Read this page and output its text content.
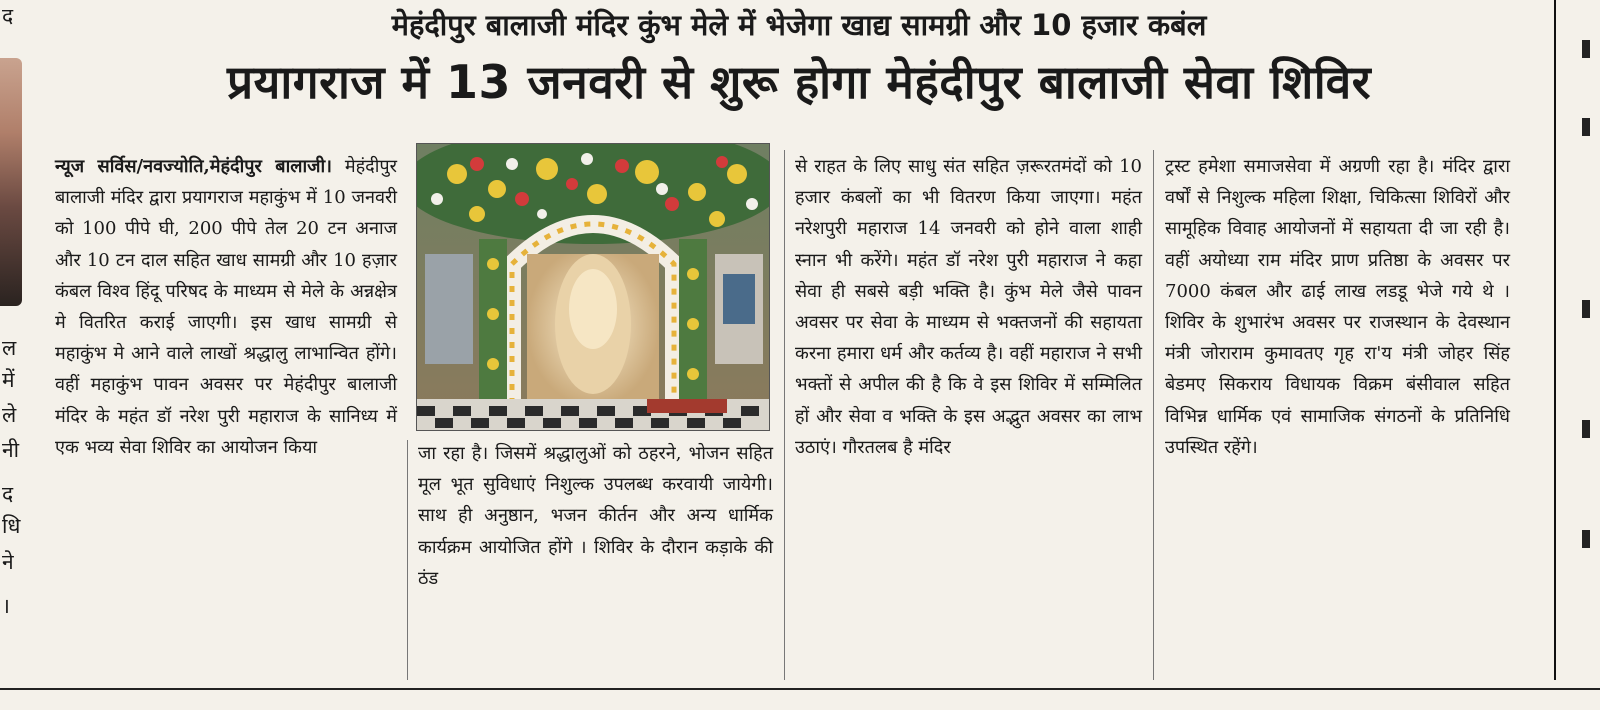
द
ल
में
ले
नी
द
धि
ने
।
मेहंदीपुर बालाजी मंदिर कुंभ मेले में भेजेगा खाद्य सामग्री और 10 हजार कबंल
प्रयागराज में 13 जनवरी से शुरू होगा मेहंदीपुर बालाजी सेवा शिविर

न्यूज सर्विस/नवज्योति,मेहंदीपुर बालाजी। मेहंदीपुर बालाजी मंदिर द्वारा प्रयागराज महाकुंभ में 10 जनवरी को 100 पीपे घी, 200 पीपे तेल 20 टन अनाज और 10 टन दाल सहित खाध सामग्री और 10 हज़ार कंबल विश्व हिंदू परिषद के माध्यम से मेले के अन्नक्षेत्र मे वितरित कराई जाएगी। इस खाध सामग्री से महाकुंभ मे आने वाले लाखों श्रद्धालु लाभान्वित होंगे। वहीं महाकुंभ पावन अवसर पर मेहंदीपुर बालाजी मंदिर के महंत डॉ नरेश पुरी महाराज के सानिध्य में एक भव्य सेवा शिविर का आयोजन किया	जा रहा है। जिसमें श्रद्धालुओं को ठहरने, भोजन सहित मूल भूत सुविधाएं निशुल्क उपलब्ध करवायी जायेगी। साथ ही अनुष्ठान, भजन कीर्तन और अन्य धार्मिक कार्यक्रम आयोजित होंगे । शिविर के दौरान कड़ाके की ठंड

से राहत के लिए साधु संत सहित ज़रूरतमंदों को 10 हजार कंबलों का भी वितरण किया जाएगा। महंत नरेशपुरी महाराज 14 जनवरी को होने वाला शाही स्नान भी करेंगे। महंत डॉ नरेश पुरी महाराज ने कहा सेवा ही सबसे बड़ी भक्ति है। कुंभ मेले जैसे पावन अवसर पर सेवा के माध्यम से भक्तजनों की सहायता करना हमारा धर्म और कर्तव्य है। वहीं महाराज ने सभी भक्तों से अपील की है कि वे इस शिविर में सम्मिलित हों और सेवा व भक्ति के इस अद्भुत अवसर का लाभ उठाएं। गौरतलब है मंदिर

ट्रस्ट हमेशा समाजसेवा में अग्रणी रहा है। मंदिर द्वारा वर्षों से निशुल्क महिला शिक्षा, चिकित्सा शिविरों और सामूहिक विवाह आयोजनों में सहायता दी जा रही है। वहीं अयोध्या राम मंदिर प्राण प्रतिष्ठा के अवसर पर 7000 कंबल और ढाई लाख लडडू भेजे गये थे । शिविर के शुभारंभ अवसर पर राजस्थान के देवस्थान मंत्री जोराराम कुमावतए गृह रा'य मंत्री जोहर सिंह बेडमए सिकराय विधायक विक्रम बंसीवाल सहित विभिन्न धार्मिक एवं सामाजिक संगठनों के प्रतिनिधि उपस्थित रहेंगे।
